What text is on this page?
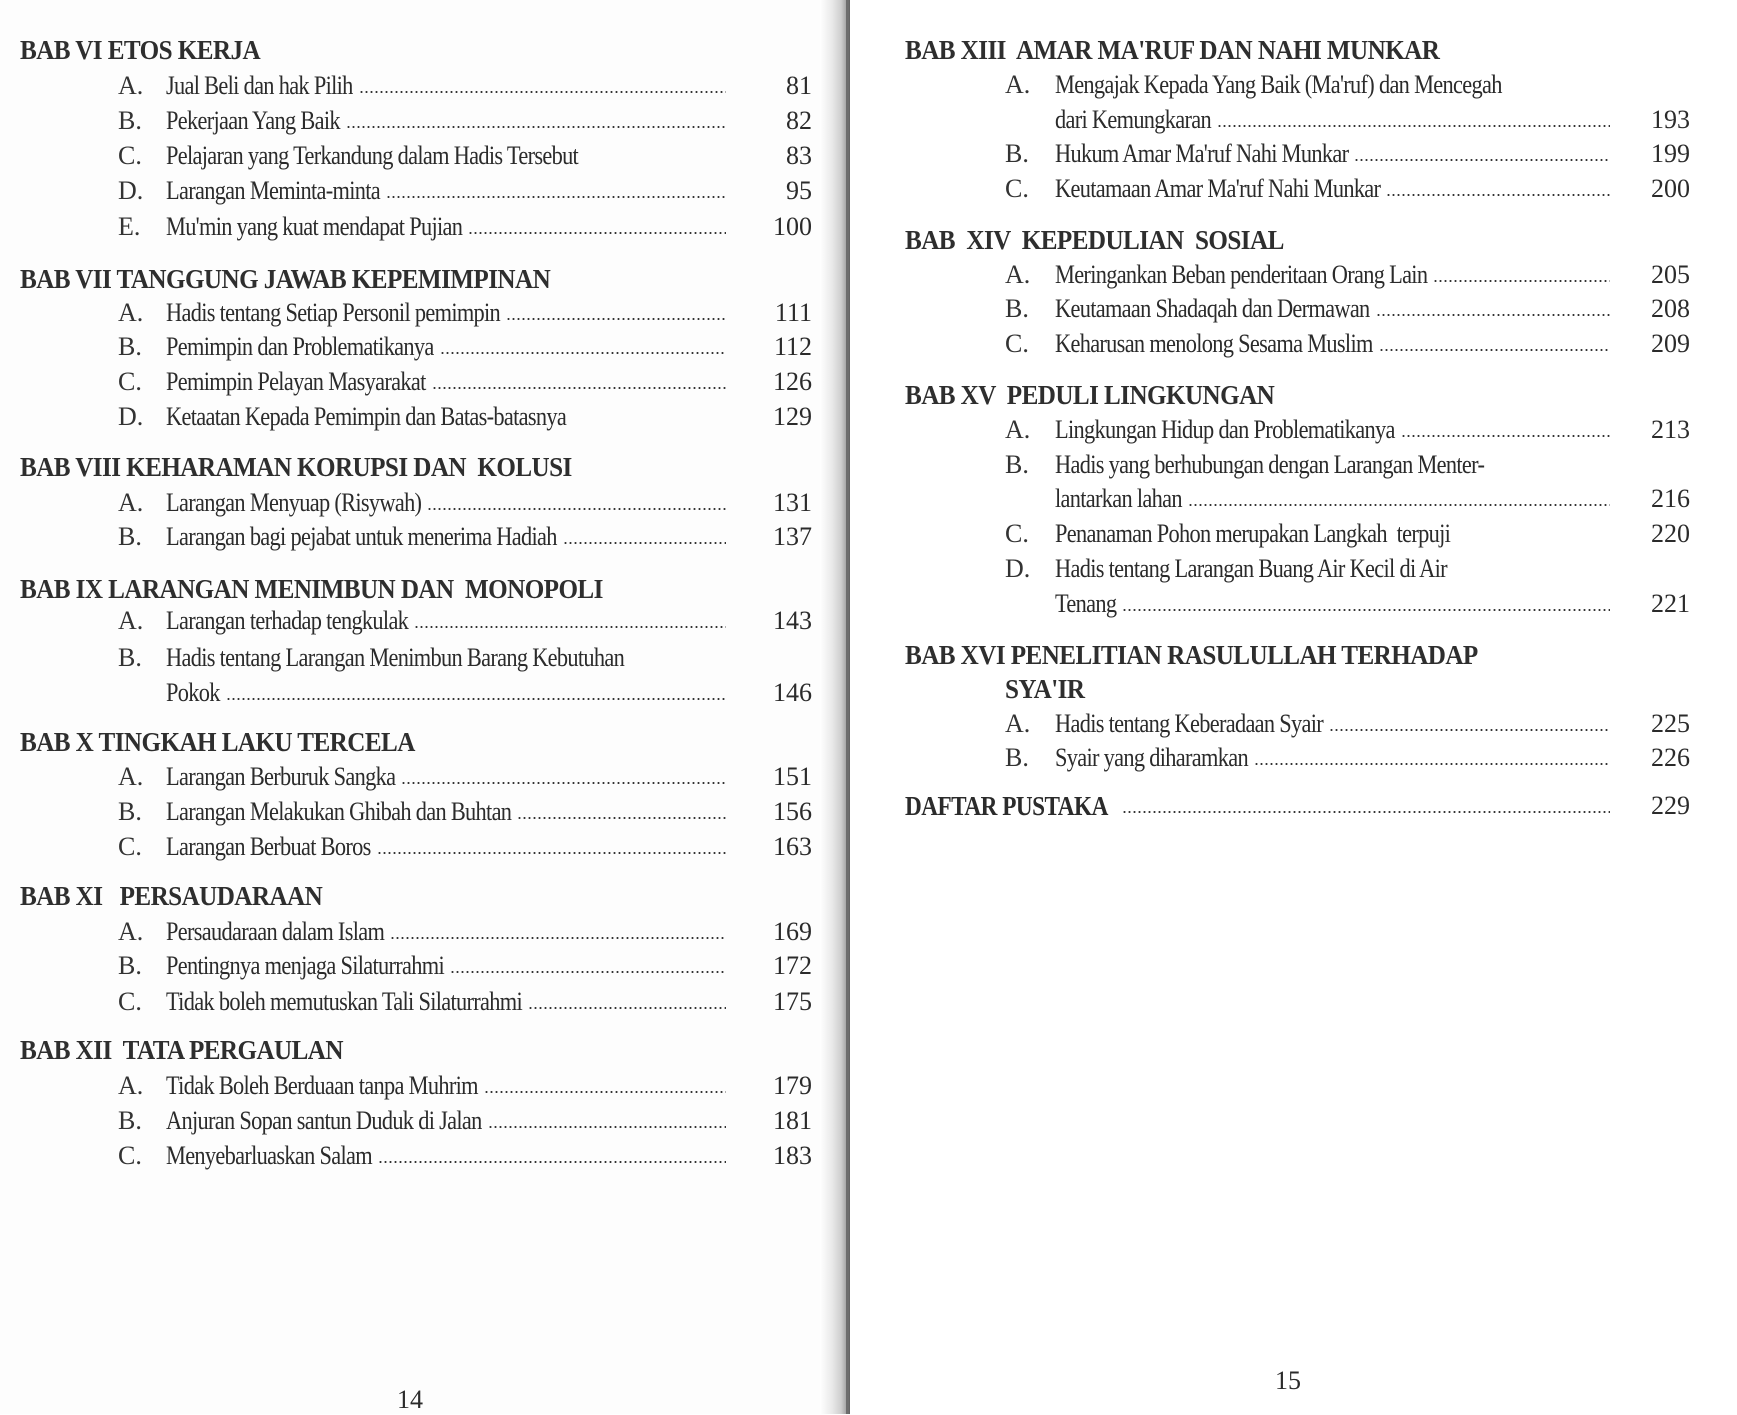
BAB VI ETOS KERJA
A. Jual Beli dan hak Pilih	81
B. Pekerjaan Yang Baik	82
C. Pelajaran yang Terkandung dalam Hadis Tersebut	83
D. Larangan Meminta-minta	95
E. Mu'min yang kuat mendapat Pujian	100
BAB VII TANGGUNG JAWAB KEPEMIMPINAN
A. Hadis tentang Setiap Personil pemimpin	111
B. Pemimpin dan Problematikanya	112
C. Pemimpin Pelayan Masyarakat	126
D. Ketaatan Kepada Pemimpin dan Batas-batasnya	129
BAB VIII KEHARAMAN KORUPSI DAN  KOLUSI
A. Larangan Menyuap (Risywah)	131
B. Larangan bagi pejabat untuk menerima Hadiah	137
BAB IX LARANGAN MENIMBUN DAN  MONOPOLI
A. Larangan terhadap tengkulak	143
B. Hadis tentang Larangan Menimbun Barang Kebutuhan
Pokok	146
BAB X TINGKAH LAKU TERCELA
A. Larangan Berburuk Sangka	151
B. Larangan Melakukan Ghibah dan Buhtan	156
C. Larangan Berbuat Boros	163
BAB XI   PERSAUDARAAN
A. Persaudaraan dalam Islam	169
B. Pentingnya menjaga Silaturrahmi	172
C. Tidak boleh memutuskan Tali Silaturrahmi	175
BAB XII  TATA PERGAULAN
A. Tidak Boleh Berduaan tanpa Muhrim	179
B. Anjuran Sopan santun Duduk di Jalan	181
C. Menyebarluaskan Salam	183
14
BAB XIII  AMAR MA'RUF DAN NAHI MUNKAR
A. Mengajak Kepada Yang Baik (Ma'ruf) dan Mencegah
dari Kemungkaran	193
B. Hukum Amar Ma'ruf Nahi Munkar	199
C. Keutamaan Amar Ma'ruf Nahi Munkar	200
BAB  XIV  KEPEDULIAN  SOSIAL
A. Meringankan Beban penderitaan Orang Lain	205
B. Keutamaan Shadaqah dan Dermawan	208
C. Keharusan menolong Sesama Muslim	209
BAB XV  PEDULI LINGKUNGAN
A. Lingkungan Hidup dan Problematikanya	213
B. Hadis yang berhubungan dengan Larangan Menter-
lantarkan lahan	216
C. Penanaman Pohon merupakan Langkah  terpuji	220
D. Hadis tentang Larangan Buang Air Kecil di Air
Tenang	221
BAB XVI PENELITIAN RASULULLAH TERHADAP
SYA'IR
A. Hadis tentang Keberadaan Syair	225
B. Syair yang diharamkan	226
DAFTAR PUSTAKA	229
15
